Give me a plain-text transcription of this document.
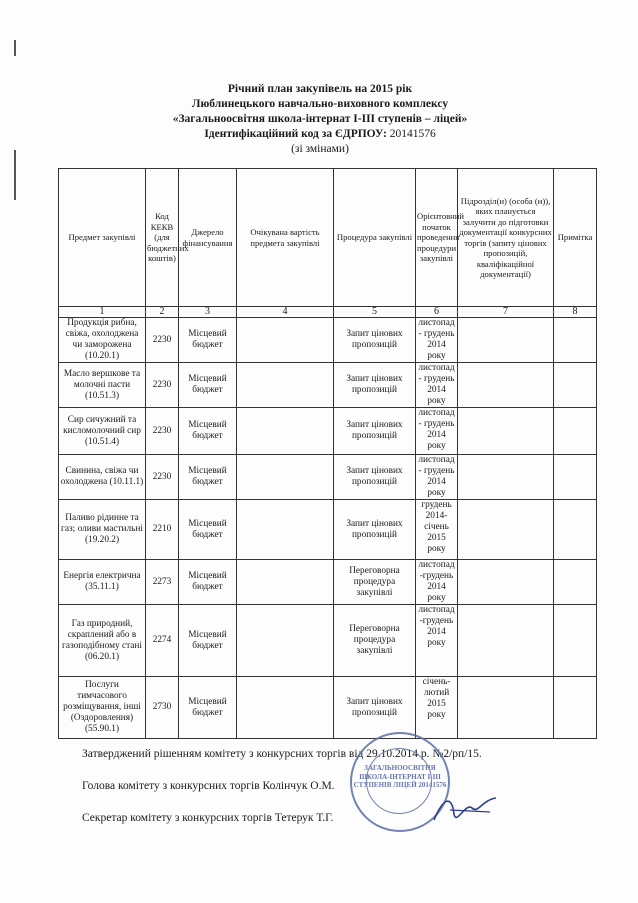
Річний план закупівель на 2015 рік
Люблинецького навчально-виховного комплексу
«Загальноосвітня школа-інтернат І-ІІІ ступенів – ліцей»
Ідентифікаційний код за ЄДРПОУ: 20141576
(зі змінами)
Предмет закупівлі	Код КЕКВ (для бюджетних коштів)	Джерело фінансування	Очікувана вартість предмета закупівлі	Процедура закупівлі	Орієнтовний початок проведення процедури закупівлі	Підрозділ(и) (особа (и)), яких планується залучити до підготовки документації конкурсних торгів (запиту цінових пропозицій, кваліфікаційної документації)	Примітка
1	2	3	4	5	6	7	8
Продукція рибна, свіжа, охолоджена чи заморожена (10.20.1)	2230	Місцевий бюджет		Запит цінових пропозицій	листопад - грудень 2014 року		
Масло вершкове та молочні пасти (10.51.3)	2230	Місцевий бюджет		Запит цінових пропозицій	листопад - грудень 2014 року		
Сир сичужний та кисломолочний сир (10.51.4)	2230	Місцевий бюджет		Запит цінових пропозицій	листопад - грудень 2014 року		
Свинина, свіжа чи охолоджена (10.11.1)	2230	Місцевий бюджет		Запит цінових пропозицій	листопад - грудень 2014 року		
Паливо рідинне та газ; оливи мастильні (19.20.2)	2210	Місцевий бюджет		Запит цінових пропозицій	грудень 2014- січень 2015 року		
Енергія електрична (35.11.1)	2273	Місцевий бюджет		Переговорна процедура закупівлі	листопад -грудень 2014 року		
Газ природний, скраплений або в газоподібному стані (06.20.1)	2274	Місцевий бюджет		Переговорна процедура закупівлі	листопад -грудень 2014 року		
Послуги тимчасового розміщування, інші (Оздоровлення) (55.90.1)	2730	Місцевий бюджет		Запит цінових пропозицій	січень- лютий 2015 року		
Затверджений рішенням комітету з конкурсних торгів від 29.10.2014 р. №2/рп/15.
Голова комітету з конкурсних торгів Колінчук О.М.
Секретар комітету з конкурсних торгів Тетерук Т.Г.
ЗАГАЛЬНООСВІТНЯ ШКОЛА-ІНТЕРНАТ І-ІІІ СТУПЕНІВ ЛІЦЕЙ 20141576
